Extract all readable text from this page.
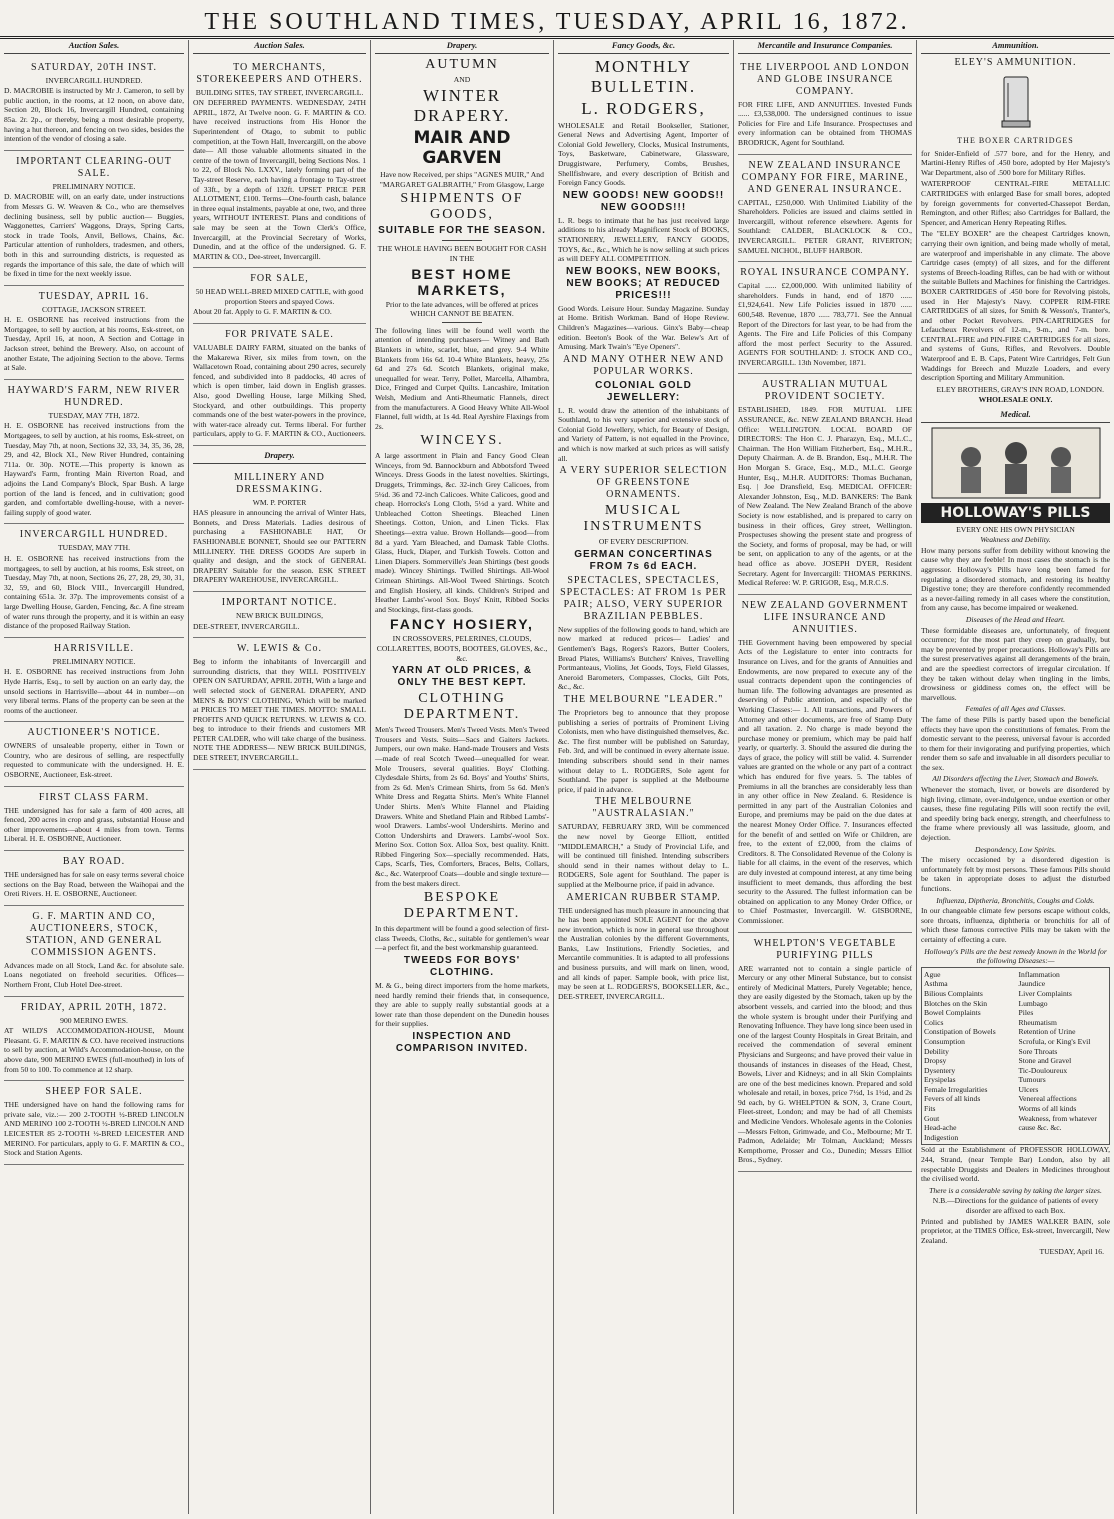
THE SOUTHLAND TIMES, TUESDAY, APRIL 16, 1872.
Auction Sales.
SATURDAY, 20TH INST.
INVERCARGILL HUNDRED.

D. MACROBIE is instructed by Mr J. Cameron, to sell by public auction, in the rooms, at 12 noon, on above date, Section 20, Block 16, Invercargill Hundred, containing 85a. 2r. 2p., or thereby, being a most desirable property, having a hut thereon, and fencing on two sides, besides the intention of the vendor of closing a sale.

IMPORTANT CLEARING-OUT SALE.
PRELIMINARY NOTICE.

D. MACROBIE will, on an early date, under instructions from Messrs G. W. Weaven & Co., who are themselves declining business, sell by public auction— Buggies, Waggonettes, Carriers' Waggons, Drays, Spring Carts, stock in trade Tools, Anvil, Bellows, Chains, &c. Particular attention of runholders, tradesmen, and others, both in this and surrounding districts, is requested as regards the importance of this sale, the date of which will be fixed in time for the next weekly issue.

TUESDAY, APRIL 16.
COTTAGE, JACKSON STREET.

H. E. OSBORNE has received instructions from the Mortgagee, to sell by auction, at his rooms, Esk-street, on Tuesday, April 16, at noon, A Section and Cottage in Jackson street, behind the Brewery. Also, on account of another Estate, The adjoining Section to the above. Terms at Sale.

HAYWARD'S FARM, NEW RIVER HUNDRED.
TUESDAY, MAY 7TH, 1872.

H. E. OSBORNE has received instructions from the Mortgagees, to sell by auction, at his rooms, Esk-street, on Tuesday, May 7th, at noon, Sections 32, 33, 34, 35, 36, 28, 29, and 42, Block XI., New River Hundred, containing 711a. 0r. 30p. NOTE.—This property is known as Hayward's Farm, fronting Main Riverton Road, and adjoins the Land Company's Block, Spar Bush. A large portion of the land is fenced, and in cultivation; good garden, and comfortable dwelling-house, with a never-failing supply of good water.

INVERCARGILL HUNDRED.
TUESDAY, MAY 7TH.

H. E. OSBORNE has received instructions from the mortgagees, to sell by auction, at his rooms, Esk street, on Tuesday, May 7th, at noon, Sections 26, 27, 28, 29, 30, 31, 32, 59, and 60, Block VIII., Invercargill Hundred, containing 651a. 3r. 37p. The improvements consist of a large Dwelling House, Garden, Fencing, &c. A fine stream of water runs through the property, and it is within an easy distance of the proposed Railway Station.

HARRISVILLE.
PRELIMINARY NOTICE.

H. E. OSBORNE has received instructions from John Hyde Harris, Esq., to sell by auction on an early day, the unsold sections in Harrisville—about 44 in number—on very liberal terms. Plans of the property can be seen at the rooms of the auctioneer.

AUCTIONEER'S NOTICE.

OWNERS of unsaleable property, either in Town or Country, who are desirous of selling, are respectfully requested to communicate with the undersigned. H. E. OSBORNE, Auctioneer, Esk-street.

FIRST CLASS FARM.

THE undersigned has for sale a farm of 400 acres, all fenced, 200 acres in crop and grass, substantial House and other improvements—about 4 miles from town. Terms Liberal. H. E. OSBORNE, Auctioneer.

BAY ROAD.

THE undersigned has for sale on easy terms several choice sections on the Bay Road, between the Waihopai and the Oreti Rivers. H. E. OSBORNE, Auctioneer.

G. F. MARTIN AND CO, AUCTIONEERS, STOCK, STATION, AND GENERAL COMMISSION AGENTS.

Advances made on all Stock, Land &c. for absolute sale. Loans negotiated on freehold securities. Offices—Northern Front, Club Hotel Dee-street.

FRIDAY, APRIL 20TH, 1872.
900 MERINO EWES.

AT WILD'S ACCOMMODATION-HOUSE, Mount Pleasant. G. F. MARTIN & CO. have received instructions to sell by auction, at Wild's Accommodation-house, on the above date, 900 MERINO EWES (full-mouthed) in lots of from 50 to 100. To commence at 12 sharp.

SHEEP FOR SALE.

THE undersigned have on hand the following rams for private sale, viz.:— 200 2-TOOTH ½-BRED LINCOLN AND MERINO 100 2-TOOTH ½-BRED LINCOLN AND LEICESTER 85 2-TOOTH ½-BRED LEICESTER AND MERINO. For particulars, apply to G. F. MARTIN & CO., Stock and Station Agents.

Auction Sales.
TO MERCHANTS, STOREKEEPERS AND OTHERS.
BUILDING SITES, TAY STREET, INVERCARGILL.

ON DEFERRED PAYMENTS. WEDNESDAY, 24TH APRIL, 1872, At Twelve noon. G. F. MARTIN & CO. have received instructions from His Honor the Superintendent of Otago, to submit to public competition, at the Town Hall, Invercargill, on the above date— All those valuable allotments situated in the centre of the town of Invercargill, being Sections Nos. 1 to 22, of Block No. LXXV., lately forming part of the Tay-street Reserve, each having a frontage to Tay-street of 33ft., by a depth of 132ft. UPSET PRICE PER ALLOTMENT, £100. Terms—One-fourth cash, balance in three equal instalments, payable at one, two, and three years, WITHOUT INTEREST. Plans and conditions of sale may be seen at the Town Clerk's Office, Invercargill, at the Provincial Secretary of Works, Dunedin, and at the office of the undersigned. G. F. MARTIN & CO., Dee-street, Invercargill.

FOR SALE,
50 HEAD WELL-BRED MIXED CATTLE, with good proportion Steers and spayed Cows.

About 20 fat. Apply to G. F. MARTIN & CO.

FOR PRIVATE SALE.

VALUABLE DAIRY FARM, situated on the banks of the Makarewa River, six miles from town, on the Wallacetown Road, containing about 290 acres, securely fenced, and subdivided into 8 paddocks, 40 acres of which is open timber, laid down in English grasses. Also, good Dwelling House, large Milking Shed, Stockyard, and other outbuildings. This property commands one of the best water-powers in the province, with water-race already cut. Terms liberal. For further particulars, apply to G. F. MARTIN & CO., Auctioneers.

Drapery.
MILLINERY AND DRESSMAKING.
WM. P. PORTER

HAS pleasure in announcing the arrival of Winter Hats, Bonnets, and Dress Materials. Ladies desirous of purchasing a FASHIONABLE HAT, Or FASHIONABLE BONNET, Should see our PATTERN MILLINERY. THE DRESS GOODS Are superb in quality and design, and the stock of GENERAL DRAPERY Suitable for the season. ESK STREET DRAPERY WAREHOUSE, INVERCARGILL.

IMPORTANT NOTICE.
NEW BRICK BUILDINGS,

DEE-STREET, INVERCARGILL.

W. LEWIS & Co.

Beg to inform the inhabitants of Invercargill and surrounding districts, that they WILL POSITIVELY OPEN ON SATURDAY, APRIL 20TH, With a large and well selected stock of GENERAL DRAPERY, AND MEN'S & BOYS' CLOTHING, Which will be marked at PRICES TO MEET THE TIMES. MOTTO: SMALL PROFITS AND QUICK RETURNS. W. LEWIS & CO. beg to introduce to their friends and customers MR PETER CALDER, who will take charge of the business. NOTE THE ADDRESS— NEW BRICK BUILDINGS, DEE STREET, INVERCARGILL.

Drapery.
AUTUMN
AND
WINTER DRAPERY.
MAIR AND GARVEN
Have now Received, per ships "AGNES MUIR," And "MARGARET GALBRAITH," From Glasgow, Large
SHIPMENTS OF GOODS,
SUITABLE FOR THE SEASON.
THE WHOLE HAVING BEEN BOUGHT FOR CASH IN THE
BEST HOME MARKETS,
Prior to the late advances, will be offered at prices WHICH CANNOT BE BEATEN.

The following lines will be found well worth the attention of intending purchasers— Witney and Bath Blankets in white, scarlet, blue, and grey. 9-4 White Blankets from 16s 6d. 10-4 White Blankets, heavy, 25s 6d and 27s 6d. Scotch Blankets, original make, unequalled for wear. Terry, Pollet, Marcella, Alhambra, Dice, Fringed and Curpet Quilts. Lancashire, Imitation Welsh, Medium and Anti-Rheumatic Flannels, direct from the manufacturers. A Good Heavy White All-Wool Flannel, full width, at 1s 4d. Real Ayrshire Flaxings from 2s.

WINCEYS.

A large assortment in Plain and Fancy Good Clean Winceys, from 9d. Bannockburn and Abbotsford Tweed Winceys. Dress Goods in the latest novelties. Skirtings, Druggets, Trimmings, &c. 32-inch Grey Calicoes, from 5¼d. 36 and 72-inch Calicoes. White Calicoes, good and cheap. Horrocks's Long Cloth, 5½d a yard. White and Unbleached Cotton Sheetings. Bleached Linen Sheetings. Cotton, Union, and Linen Ticks. Flax Sheetings—extra value. Brown Hollands—good—from 8d a yard. Yarn Bleached, and Damask Table Cloths. Glass, Huck, Diaper, and Turkish Towels. Cotton and Linen Diapers. Sommerville's Jean Shirtings (best goods made). Wincey Shirtings. Twilled Shirtings. All-Wool Crimean Shirtings. All-Wool Tweed Shirtings. Scotch and English Hosiery, all kinds. Children's Striped and Heather Lambs'-wool Sox. Boys' Knitt, Ribbed Socks and Stockings, first-class goods.

FANCY HOSIERY,
IN CROSSOVERS, PELERINES, CLOUDS, COLLARETTES, BOOTS, BOOTEES, GLOVES, &c., &c.
YARN AT OLD PRICES, & ONLY THE BEST KEPT.
CLOTHING DEPARTMENT.

Men's Tweed Trousers. Men's Tweed Vests. Men's Tweed Trousers and Vests. Suits—Sacs and Gaiters Jackets. Jumpers, our own make. Hand-made Trousers and Vests—made of real Scotch Tweed—unequalled for wear. Mole Trousers, several qualities. Boys' Clothing. Clydesdale Shirts, from 2s 6d. Boys' and Youths' Shirts, from 2s 6d. Men's Crimean Shirts, from 5s 6d. Men's White Dress and Regatta Shirts. Men's White Flannel Under Shirts. Men's White Flannel and Plaiding Drawers. White and Shetland Plain and Ribbed Lambs'-wool Drawers. Lambs'-wool Undershirts. Merino and Cotton Undershirts and Drawers. Lambs'-wool Sox. Merino Sox. Cotton Sox. Alloa Sox, best quality. Knitt. Ribbed Fingering Sox—specially recommended. Hats, Caps, Scarfs, Ties, Comforters, Braces, Belts, Collars, &c., &c. Waterproof Coats—double and single texture—from the best makers direct.

BESPOKE DEPARTMENT.

In this department will be found a good selection of first-class Tweeds, Cloths, &c., suitable for gentlemen's wear—a perfect fit, and the best workmanship guaranteed.

TWEEDS FOR BOYS' CLOTHING.

M. & G., being direct importers from the home markets, need hardly remind their friends that, in consequence, they are able to supply really substantial goods at a lower rate than those dependent on the Dunedin houses for their supplies.

INSPECTION AND COMPARISON INVITED.
Fancy Goods, &c.
MONTHLY BULLETIN.
L. RODGERS,

WHOLESALE and Retail Bookseller, Stationer, General News and Advertising Agent, Importer of Colonial Gold Jewellery, Clocks, Musical Instruments, Toys, Basketware, Cabinetware, Glassware, Druggistware, Perfumery, Combs, Brushes, Shellfishware, and every description of British and Foreign Fancy Goods.

NEW GOODS! NEW GOODS!! NEW GOODS!!!

L. R. begs to intimate that he has just received large additions to his already Magnificent Stock of BOOKS, STATIONERY, JEWELLERY, FANCY GOODS, TOYS, &c., &c., Which he is now selling at such prices as will DEFY ALL COMPETITION.

NEW BOOKS, NEW BOOKS, NEW BOOKS; AT REDUCED PRICES!!!

Good Words. Leisure Hour. Sunday Magazine. Sunday at Home. British Workman. Band of Hope Review. Children's Magazines—various. Ginx's Baby—cheap edition. Beeton's Book of the War. Belew's Art of Amusing. Mark Twain's "Eye Openers".

AND MANY OTHER NEW AND POPULAR WORKS.
COLONIAL GOLD JEWELLERY:

L. R. would draw the attention of the inhabitants of Southland, to his very superior and extensive stock of Colonial Gold Jewellery, which, for Beauty of Design, and Variety of Pattern, is not equalled in the Province, and which is now marked at such prices as will satisfy all.

A VERY SUPERIOR SELECTION OF GREENSTONE ORNAMENTS.
MUSICAL INSTRUMENTS
OF EVERY DESCRIPTION.
GERMAN CONCERTINAS FROM 7s 6d EACH.
SPECTACLES, SPECTACLES, SPECTACLES: AT FROM 1s PER PAIR; ALSO, VERY SUPERIOR BRAZILIAN PEBBLES.

New supplies of the following goods to hand, which are now marked at reduced prices— Ladies' and Gentlemen's Bags, Rogers's Razors, Butter Coolers, Bread Plates, Williams's Butchers' Knives, Travelling Portmanteaus, Violins, Jet Goods, Toys, Field Glasses, Aneroid Barometers, Compasses, Clocks, Gilt Pots, &c., &c.

THE MELBOURNE "LEADER."

The Proprietors beg to announce that they propose publishing a series of portraits of Prominent Living Colonists, men who have distinguished themselves, &c. &c. The first number will be published on Saturday, Feb. 3rd, and will be continued in every alternate issue. Intending subscribers should send in their names without delay to L. RODGERS, Sole agent for Southland. The paper is supplied at the Melbourne price, if paid in advance.

THE MELBOURNE "AUSTRALASIAN."

SATURDAY, FEBRUARY 3RD, Will be commenced the new novel by George Elliott, entitled "MIDDLEMARCH," a Study of Provincial Life, and will be continued till finished. Intending subscribers should send in their names without delay to L. RODGERS, Sole agent for Southland. The paper is supplied at the Melbourne price, if paid in advance.

AMERICAN RUBBER STAMP.

THE undersigned has much pleasure in announcing that he has been appointed SOLE AGENT for the above new invention, which is now in general use throughout the Australian colonies by the different Governments, Banks, Law Institutions, Friendly Societies, and Mercantile communities. It is adapted to all professions and business pursuits, and will mark on linen, wood, and all kinds of paper. Sample book, with price list, may be seen at L. RODGERS'S, BOOKSELLER, &c., DEE-STREET, INVERCARGILL.

Mercantile and Insurance Companies.
THE LIVERPOOL AND LONDON AND GLOBE INSURANCE COMPANY.

FOR FIRE LIFE, AND ANNUITIES. Invested Funds ...... £3,538,000. The undersigned continues to issue Policies for Fire and Life Insurance. Prospectuses and every information can be obtained from THOMAS BRODRICK, Agent for Southland.

NEW ZEALAND INSURANCE COMPANY FOR FIRE, MARINE, AND GENERAL INSURANCE.

CAPITAL, £250,000. With Unlimited Liability of the Shareholders. Policies are issued and claims settled in Invercargill, without reference elsewhere. Agents for Southland: CALDER, BLACKLOCK & CO., INVERCARGILL. PETER GRANT, RIVERTON; SAMUEL NICHOL, BLUFF HARBOR.

ROYAL INSURANCE COMPANY.

Capital ...... £2,000,000. With unlimited liability of shareholders. Funds in hand, end of 1870 ...... £1,924,641. New Life Policies issued in 1870 ...... 600,548. Revenue, 1870 ...... 783,771. See the Annual Report of the Directors for last year, to be had from the Agents. The Fire and Life Policies of this Company afford the most perfect Security to the Assured. AGENTS FOR SOUTHLAND: J. STOCK AND CO., INVERCARGILL. 13th November, 1871.

AUSTRALIAN MUTUAL PROVIDENT SOCIETY.

ESTABLISHED, 1849. FOR MUTUAL LIFE ASSURANCE, &c. NEW ZEALAND BRANCH. Head Office: WELLINGTON. LOCAL BOARD OF DIRECTORS: The Hon C. J. Pharazyn, Esq., M.L.C., Chairman. The Hon William Fitzherbert, Esq., M.H.R., Deputy Chairman. A. de B. Brandon, Esq., M.H.R. The Hon Morgan S. Grace, Esq., M.D., M.L.C. George Hunter, Esq., M.H.R. AUDITORS: Thomas Buchanan, Esq. | Joe Dransfield, Esq. MEDICAL OFFICER: Alexander Johnston, Esq., M.D. BANKERS: The Bank of New Zealand. The New Zealand Branch of the above Society is now established, and is prepared to carry on business in their offices, Grey street, Wellington. Prospectuses showing the present state and progress of the Society, and forms of proposal, may be had, or will be sent, on application to any of the agents, or at the head office as above. JOSEPH DYER, Resident Secretary. Agent for Invercargill: THOMAS PERKINS. Medical Referee: W. P. GRIGOR, Esq., M.R.C.S.

NEW ZEALAND GOVERNMENT LIFE INSURANCE AND ANNUITIES.

THE Government having been empowered by special Acts of the Legislature to enter into contracts for Insurance on Lives, and for the grants of Annuities and Endowments, are now prepared to execute any of the usual contracts dependent upon the contingencies of human life. The following advantages are presented as deserving of Public attention, and especially of the Working Classes:— 1. All transactions, and Powers of Attorney and other documents, are free of Stamp Duty and all taxation. 2. No charge is made beyond the purchase money or premium, which may be paid half yearly, or quarterly. 3. Should the assured die during the days of grace, the policy will still be valid. 4. Surrender values are granted on the whole or any part of a contract which has endured for five years. 5. The tables of Premiums in all the branches are considerably less than in any other office in New Zealand. 6. Residence is permitted in any part of the Australian Colonies and Europe, and premiums may be paid on the due dates at the nearest Money Order Office. 7. Insurances effected for the benefit of and settled on Wife or Children, are free, to the extent of £2,000, from the claims of Creditors. 8. The Consolidated Revenue of the Colony is liable for all claims, in the event of the reserves, which are duly invested at compound interest, at any time being insufficient to meet demands, thus affording the best security to the Assured. The fullest information can be obtained on application to any Money Order Office, or to Chief Postmaster, Invercargill. W. GISBORNE, Commissioner.

WHELPTON'S VEGETABLE PURIFYING PILLS

ARE warranted not to contain a single particle of Mercury or any other Mineral Substance, but to consist entirely of Medicinal Matters, Purely Vegetable; hence, they are easily digested by the Stomach, taken up by the absorbent vessels, and carried into the blood; and thus the whole system is brought under their Purifying and Renovating Influence. They have long since been used in one of the largest County Hospitals in Great Britain, and received the commendation of several eminent Physicians and Surgeons; and have proved their value in thousands of instances in diseases of the Head, Chest, Bowels, Liver and Kidneys; and in all Skin Complaints are one of the best medicines known. Prepared and sold wholesale and retail, in boxes, price 7½d, 1s 1½d, and 2s 9d each, by G. WHELPTON & SON, 3, Crane Court, Fleet-street, London; and may be had of all Chemists and Medicine Vendors. Wholesale agents in the Colonies—Messrs Felton, Grimwade, and Co., Melbourne; Mr T. Padmon, Adelaide; Mr Tolman, Auckland; Messrs Kempthorne, Prosser and Co., Dunedin; Messrs Elliot Bros., Sydney.

Ammunition.
ELEY'S AMMUNITION.
THE BOXER CARTRIDGES

for Snider-Enfield of .577 bore, and for the Henry, and Martini-Henry Rifles of .450 bore, adopted by Her Majesty's War Department, also of .500 bore for Military Rifles.

WATERPROOF CENTRAL-FIRE METALLIC CARTRIDGES with enlarged Base for small bores, adopted by foreign governments for converted-Chassepot Berdan, Remington, and other Rifles; also Cartridges for Ballard, the Spencer, and American Henry Repeating Rifles.

The "ELEY BOXER" are the cheapest Cartridges known, carrying their own ignition, and being made wholly of metal, are waterproof and imperishable in any climate. The above Cartridge cases (empty) of all sizes, and for the different systems of Breech-loading Rifles, can be had with or without the suitable Bullets and Machines for finishing the Cartridges. BOXER CARTRIDGES of .450 bore for Revolving pistols, used in Her Majesty's Navy. COPPER RIM-FIRE CARTRIDGES of all sizes, for Smith & Wesson's, Tranter's, and other Pocket Revolvers. PIN-CARTRIDGES for Lefaucheux Revolvers of 12-m., 9-m., and 7-m. bore. CENTRAL-FIRE and PIN-FIRE CARTRIDGES for all sizes, and systems of Guns, Rifles, and Revolvers. Double Waterproof and E. B. Caps, Patent Wire Cartridges, Felt Gun Waddings for Breech and Muzzle Loaders, and every description Sporting and Military Ammunition.

ELEY BROTHERS, GRAY'S INN ROAD, LONDON.
WHOLESALE ONLY.
Medical.
HOLLOWAY'S PILLS
EVERY ONE HIS OWN PHYSICIAN
Weakness and Debility.

How many persons suffer from debility without knowing the cause why they are feeble! In most cases the stomach is the aggressor. Holloway's Pills have long been famed for regulating a disordered stomach, and restoring its healthy Digestive tone; they are therefore confidently recommended as a never-failing remedy in all cases where the constitution, from any cause, has become impaired or weakened.

Diseases of the Head and Heart.

These formidable diseases are, unfortunately, of frequent occurrence; for the most part they creep on gradually, but may be prevented by proper precautions. Holloway's Pills are the surest preservatives against all derangements of the brain, and are the speediest correctors of irregular circulation. If they be taken without delay when tingling in the limbs, drowsiness or giddiness comes on, the effect will be marvellous.

Females of all Ages and Classes.

The fame of these Pills is partly based upon the beneficial effects they have upon the constitutions of females. From the domestic servant to the peeress, universal favour is accorded to them for their invigorating and purifying properties, which render them so safe and invaluable in all disorders peculiar to the sex.

All Disorders affecting the Liver, Stomach and Bowels.

Whenever the stomach, liver, or bowels are disordered by high living, climate, over-indulgence, undue exertion or other causes, these fine regulating Pills will soon rectify the evil, and speedily bring back energy, strength, and cheerfulness to the frame where previously all was lassitude, gloom, and dejection.

Despondency, Low Spirits.

The misery occasioned by a disordered digestion is unfortunately felt by most persons. These famous Pills should be taken in appropriate doses to adjust the disturbed functions.

Influenza, Diptheria, Bronchitis, Coughs and Colds.

In our changeable climate few persons escape without colds, sore throats, influenza, diphtheria or bronchitis for all of which these famous corrective Pills may be taken with the certainty of effecting a cure.

Holloway's Pills are the best remedy known in the World for the following Diseases:—
Ague
Asthma
Bilious Complaints
Blotches on the Skin
Bowel Complaints
Colics
Constipation of Bowels
Consumption
Debility
Dropsy
Dysentery
Erysipelas
Female Irregularities
Fevers of all kinds
Fits
Gout
Head-ache
Indigestion
Inflammation
Jaundice
Liver Complaints
Lumbago
Piles
Rheumatism
Retention of Urine
Scrofula, or King's Evil
Sore Throats
Stone and Gravel
Tic-Douloureux
Tumours
Ulcers
Venereal affections
Worms of all kinds
Weakness, from whatever cause &c. &c.

Sold at the Establishment of PROFESSOR HOLLOWAY, 244, Strand, (near Temple Bar) London, also by all respectable Druggists and Dealers in Medicines throughout the civilised world.

There is a considerable saving by taking the larger sizes.
N.B.—Directions for the guidance of patients of every disorder are affixed to each Box.

Printed and published by JAMES WALKER BAIN, sole proprietor, at the TIMES Office, Esk-street, Invercargill, New Zealand.

TUESDAY, April 16.
